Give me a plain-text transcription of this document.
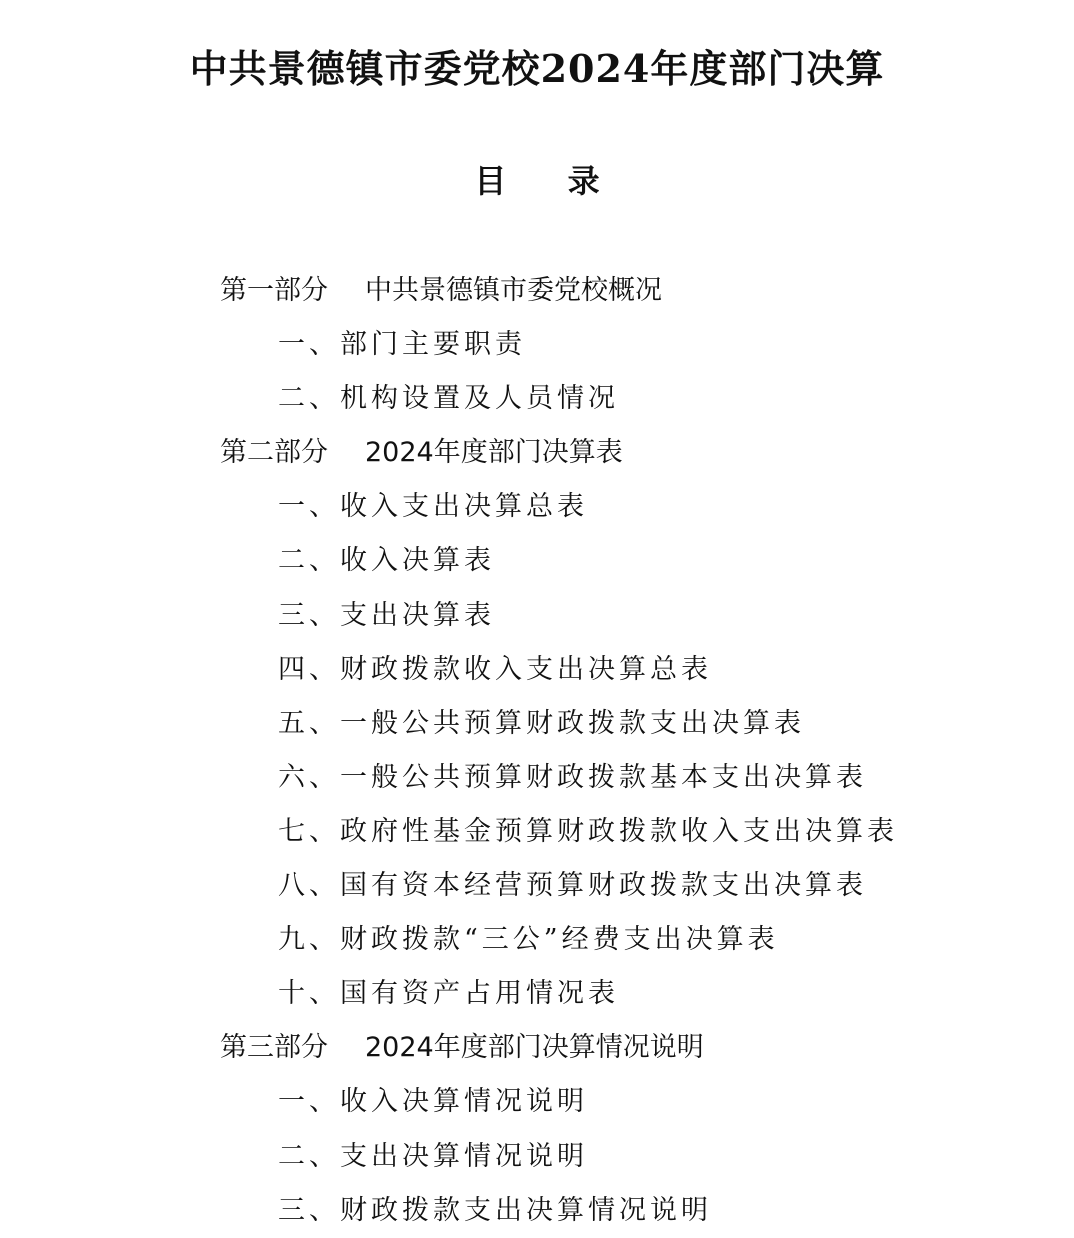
中共景德镇市委党校2024年度部门决算
目 录
第一部分 中共景德镇市委党校概况
一、部门主要职责
二、机构设置及人员情况
第二部分 2024年度部门决算表
一、收入支出决算总表
二、收入决算表
三、支出决算表
四、财政拨款收入支出决算总表
五、一般公共预算财政拨款支出决算表
六、一般公共预算财政拨款基本支出决算表
七、政府性基金预算财政拨款收入支出决算表
八、国有资本经营预算财政拨款支出决算表
九、财政拨款“三公”经费支出决算表
十、国有资产占用情况表
第三部分 2024年度部门决算情况说明
一、收入决算情况说明
二、支出决算情况说明
三、财政拨款支出决算情况说明
